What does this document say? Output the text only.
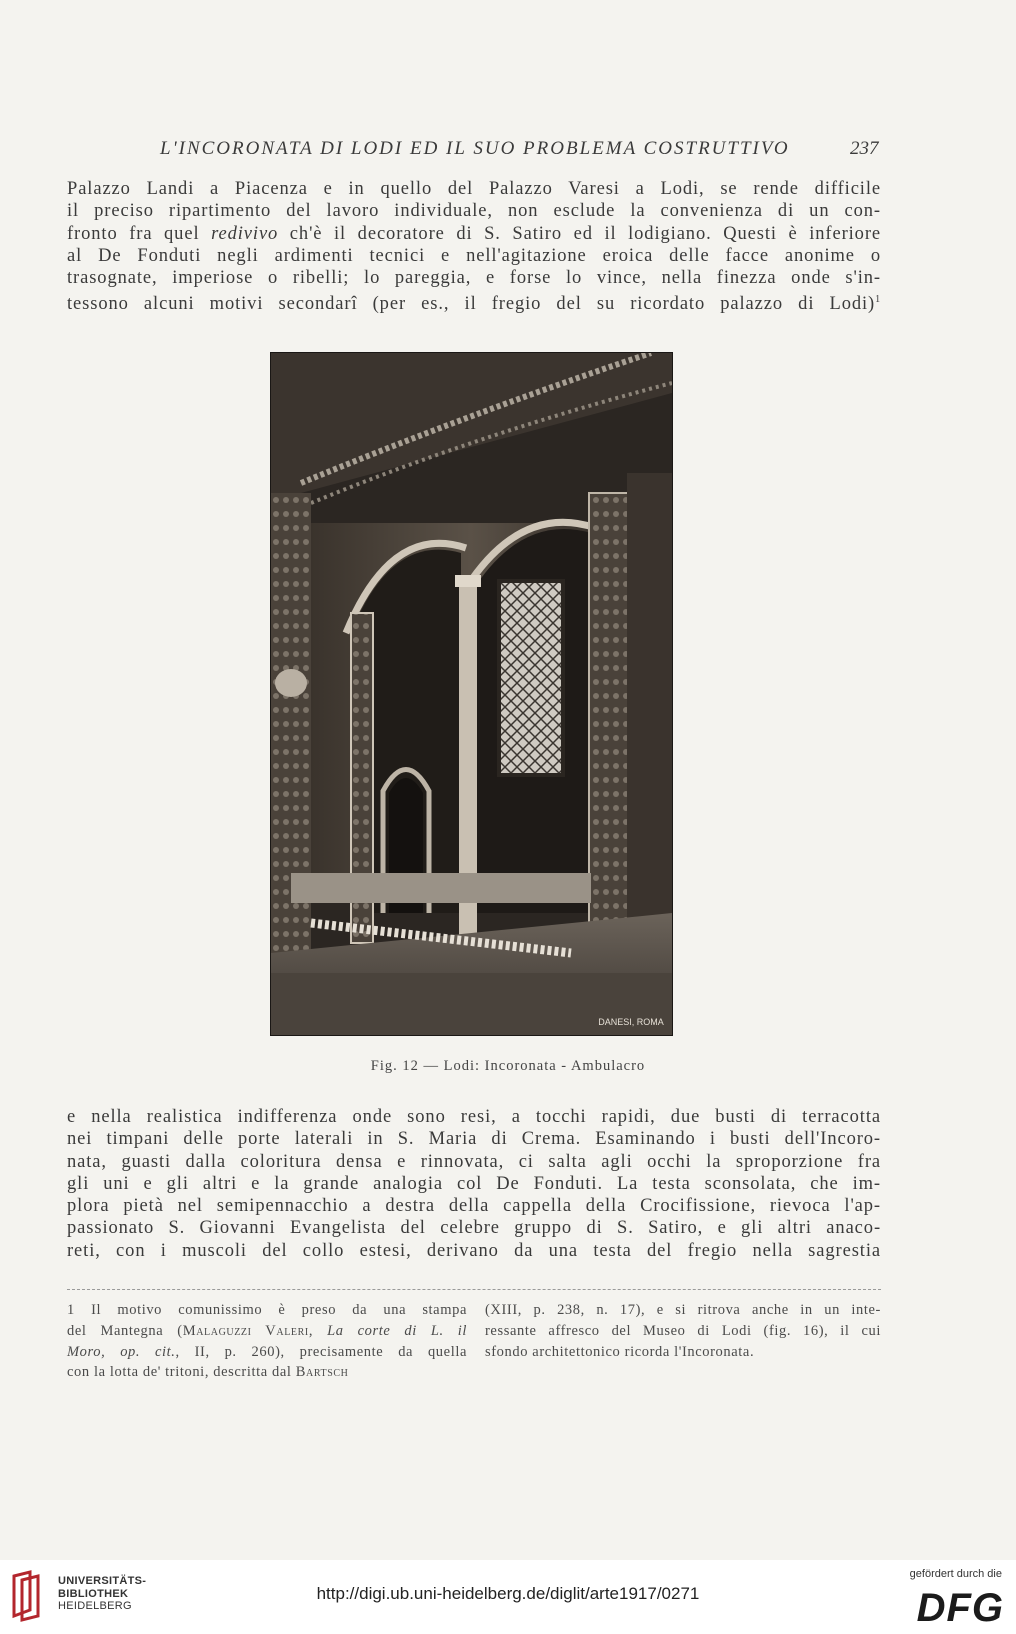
L'INCORONATA DI LODI ED IL SUO PROBLEMA COSTRUTTIVO	237
Palazzo Landi a Piacenza e in quello del Palazzo Varesi a Lodi, se rende difficile
il preciso ripartimento del lavoro individuale, non esclude la convenienza di un con-
fronto fra quel redivivo ch'è il decoratore di S. Satiro ed il lodigiano. Questi è inferiore
al De Fonduti negli ardimenti tecnici e nell'agitazione eroica delle facce anonime o
trasognate, imperiose o ribelli; lo pareggia, e forse lo vince, nella finezza onde s'in-
tessono alcuni motivi secondarî (per es., il fregio del su ricordato palazzo di Lodi)$^1$
DANESI, ROMA
Fig. 12 — Lodi: Incoronata - Ambulacro
e nella realistica indifferenza onde sono resi, a tocchi rapidi, due busti di terracotta
nei timpani delle porte laterali in S. Maria di Crema. Esaminando i busti dell'Incoro-
nata, guasti dalla coloritura densa e rinnovata, ci salta agli occhi la sproporzione fra
gli uni e gli altri e la grande analogia col De Fonduti. La testa sconsolata, che im-
plora pietà nel semipennacchio a destra della cappella della Crocifissione, rievoca l'ap-
passionato S. Giovanni Evangelista del celebre gruppo di S. Satiro, e gli altri anaco-
reti, con i muscoli del collo estesi, derivano da una testa del fregio nella sagrestia
1 Il motivo comunissimo è preso da una stampa
del Mantegna (Malaguzzi Valeri, La corte di L. il
Moro, op. cit., II, p. 260), precisamente da quella
con la lotta de' tritoni, descritta dal Bartsch
(XIII, p. 238, n. 17), e si ritrova anche in un inte-
ressante affresco del Museo di Lodi (fig. 16), il cui
sfondo architettonico ricorda l'Incoronata.
UNIVERSITÄTS-
BIBLIOTHEK
HEIDELBERG
http://digi.ub.uni-heidelberg.de/diglit/arte1917/0271
gefördert durch die
DFG
